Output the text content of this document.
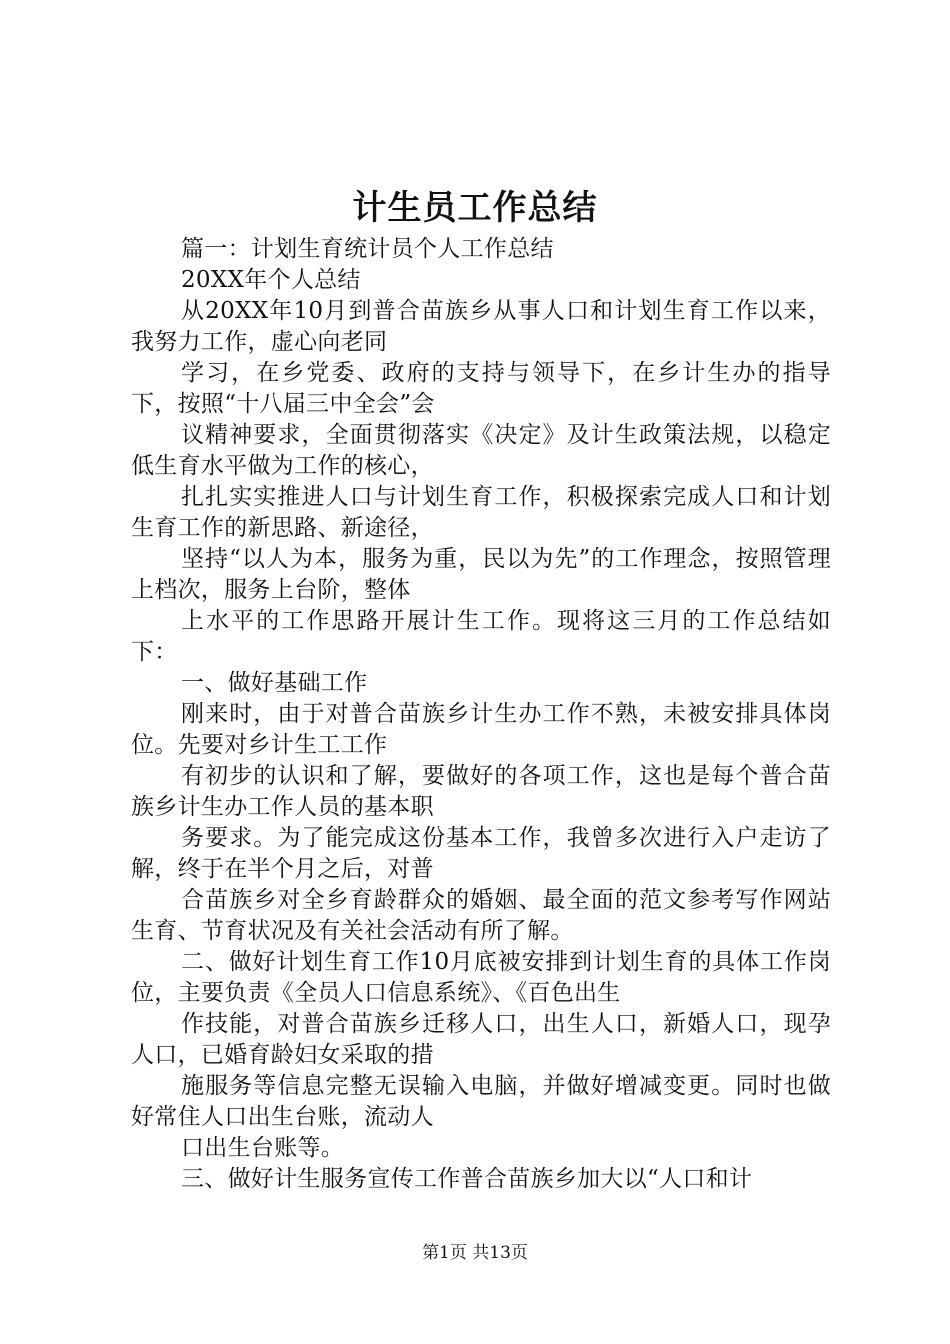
计生员工作总结

篇一：计划生育统计员个人工作总结

20XX年个人总结

从20XX年10月到普合苗族乡从事人口和计划生育工作以来，我努力工作，虚心向老同

学习，在乡党委、政府的支持与领导下，在乡计生办的指导下，按照“十八届三中全会”会

议精神要求，全面贯彻落实《决定》及计生政策法规，以稳定低生育水平做为工作的核心，

扎扎实实推进人口与计划生育工作，积极探索完成人口和计划生育工作的新思路、新途径，

坚持“以人为本，服务为重，民以为先”的工作理念，按照管理上档次，服务上台阶，整体

上水平的工作思路开展计生工作。现将这三月的工作总结如下：

一、做好基础工作

刚来时，由于对普合苗族乡计生办工作不熟，未被安排具体岗位。先要对乡计生工工作

有初步的认识和了解，要做好的各项工作，这也是每个普合苗族乡计生办工作人员的基本职

务要求。为了能完成这份基本工作，我曾多次进行入户走访了解，终于在半个月之后，对普

合苗族乡对全乡育龄群众的婚姻、最全面的范文参考写作网站生育、节育状况及有关社会活动有所了解。

二、做好计划生育工作10月底被安排到计划生育的具体工作岗位，主要负责《全员人口信息系统》、《百色出生

作技能，对普合苗族乡迁移人口，出生人口，新婚人口，现孕人口，已婚育龄妇女采取的措

施服务等信息完整无误输入电脑，并做好增减变更。同时也做好常住人口出生台账，流动人

口出生台账等。

三、做好计生服务宣传工作普合苗族乡加大以“人口和计

第1页 共13页
